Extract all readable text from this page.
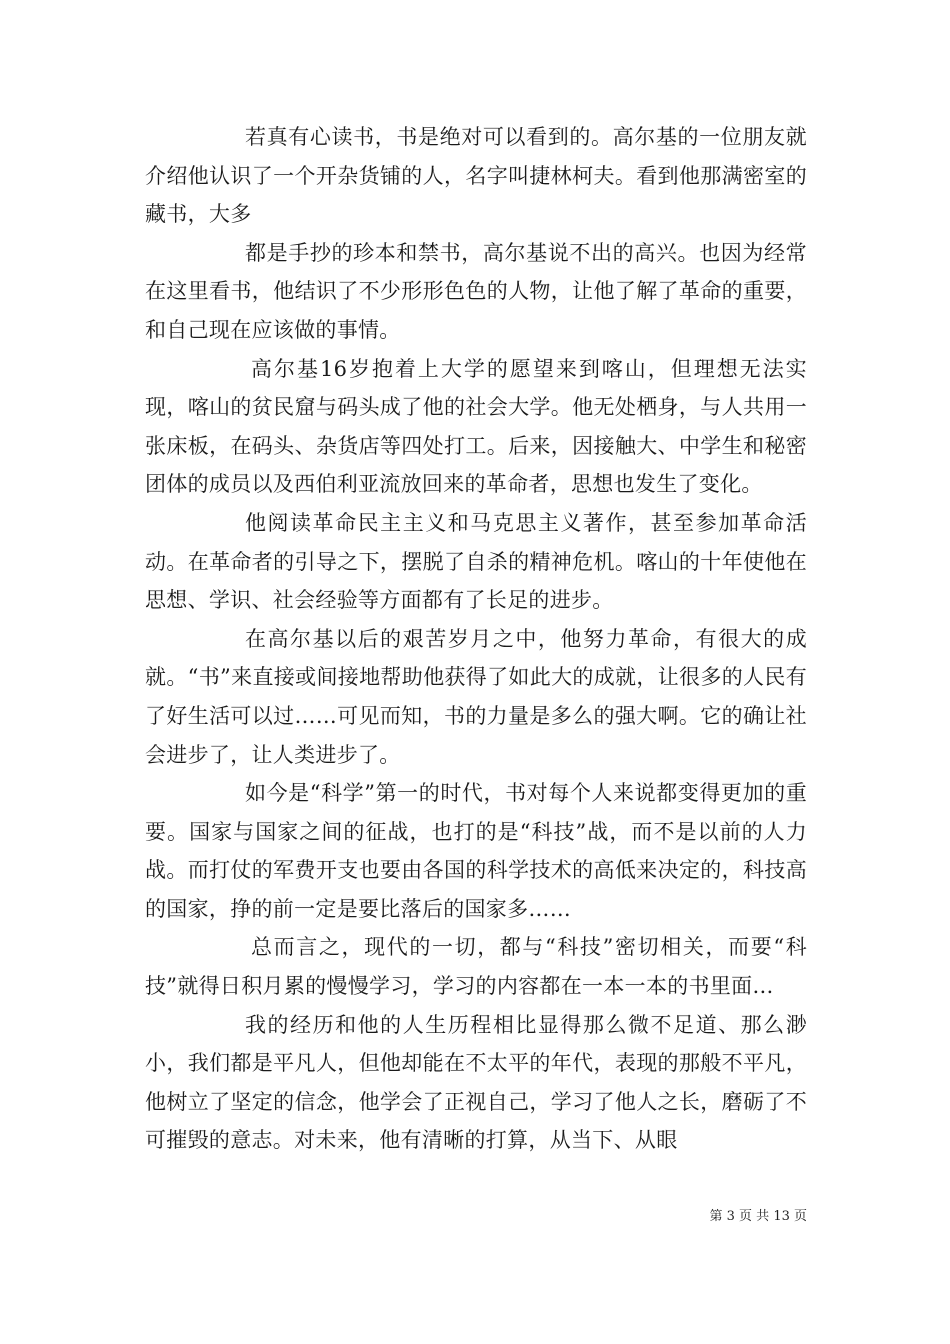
若真有心读书，书是绝对可以看到的。高尔基的一位朋友就介绍他认识了一个开杂货铺的人，名字叫捷林柯夫。看到他那满密室的藏书，大多

都是手抄的珍本和禁书，高尔基说不出的高兴。也因为经常在这里看书，他结识了不少形形色色的人物，让他了解了革命的重要，和自己现在应该做的事情。

高尔基16岁抱着上大学的愿望来到喀山，但理想无法实现，喀山的贫民窟与码头成了他的社会大学。他无处栖身，与人共用一张床板，在码头、杂货店等四处打工。后来，因接触大、中学生和秘密团体的成员以及西伯利亚流放回来的革命者，思想也发生了变化。

他阅读革命民主主义和马克思主义著作，甚至参加革命活动。在革命者的引导之下，摆脱了自杀的精神危机。喀山的十年使他在思想、学识、社会经验等方面都有了长足的进步。

在高尔基以后的艰苦岁月之中，他努力革命，有很大的成就。“书”来直接或间接地帮助他获得了如此大的成就，让很多的人民有了好生活可以过……可见而知，书的力量是多么的强大啊。它的确让社会进步了，让人类进步了。

如今是“科学”第一的时代，书对每个人来说都变得更加的重要。国家与国家之间的征战，也打的是“科技”战，而不是以前的人力战。而打仗的军费开支也要由各国的科学技术的高低来决定的，科技高的国家，挣的前一定是要比落后的国家多……

总而言之，现代的一切，都与“科技”密切相关，而要“科技”就得日积月累的慢慢学习，学习的内容都在一本一本的书里面…

我的经历和他的人生历程相比显得那么微不足道、那么渺小，我们都是平凡人，但他却能在不太平的年代，表现的那般不平凡，他树立了坚定的信念，他学会了正视自己，学习了他人之长，磨砺了不可摧毁的意志。对未来，他有清晰的打算，从当下、从眼

第 3 页 共 13 页
